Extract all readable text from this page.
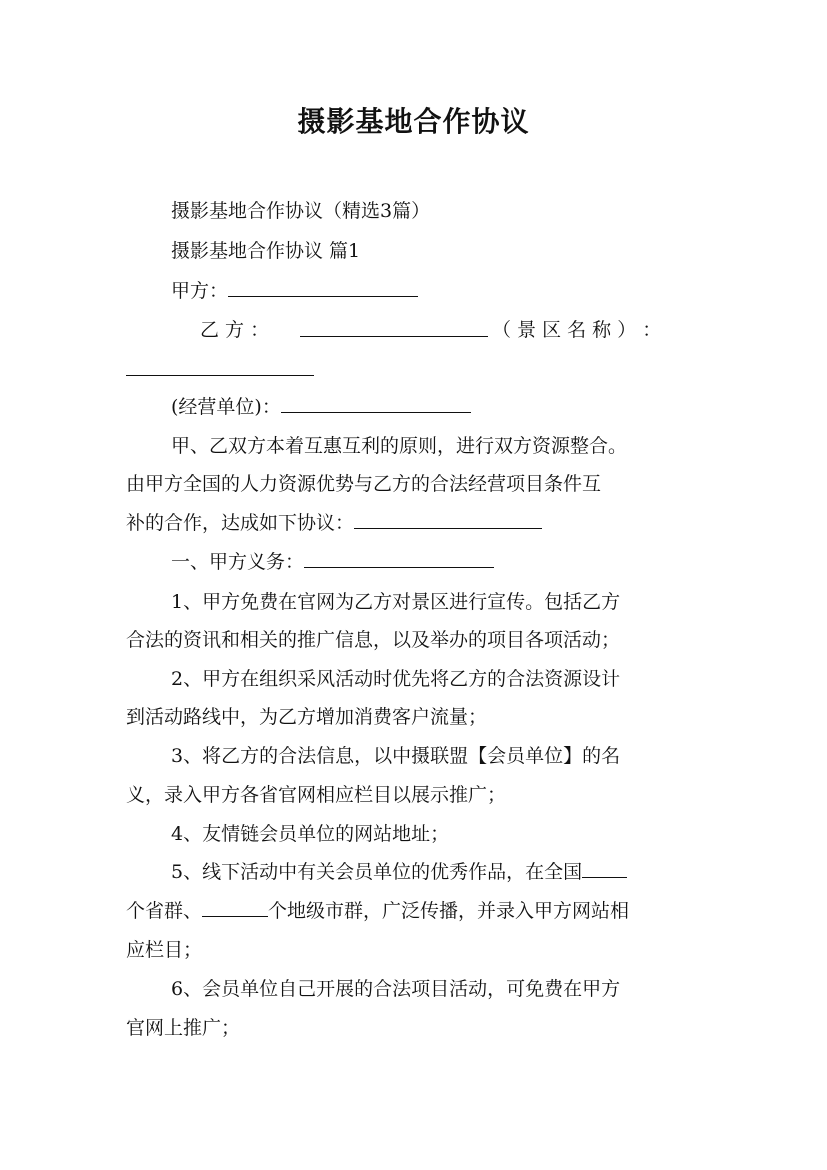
摄影基地合作协议
摄影基地合作协议（精选3篇）
摄影基地合作协议 篇1
甲方：
乙 方 ：	（ 景 区 名 称 ） ：
(经营单位)：
甲、乙双方本着互惠互利的原则，进行双方资源整合。
由甲方全国的人力资源优势与乙方的合法经营项目条件互
补的合作，达成如下协议：
一、甲方义务：
1、甲方免费在官网为乙方对景区进行宣传。包括乙方
合法的资讯和相关的推广信息，以及举办的项目各项活动；
2、甲方在组织采风活动时优先将乙方的合法资源设计
到活动路线中，为乙方增加消费客户流量；
3、将乙方的合法信息，以中摄联盟【会员单位】的名
义，录入甲方各省官网相应栏目以展示推广；
4、友情链会员单位的网站地址；
5、线下活动中有关会员单位的优秀作品，在全国
个省群、	个地级市群，广泛传播，并录入甲方网站相
应栏目；
6、会员单位自己开展的合法项目活动，可免费在甲方
官网上推广；
